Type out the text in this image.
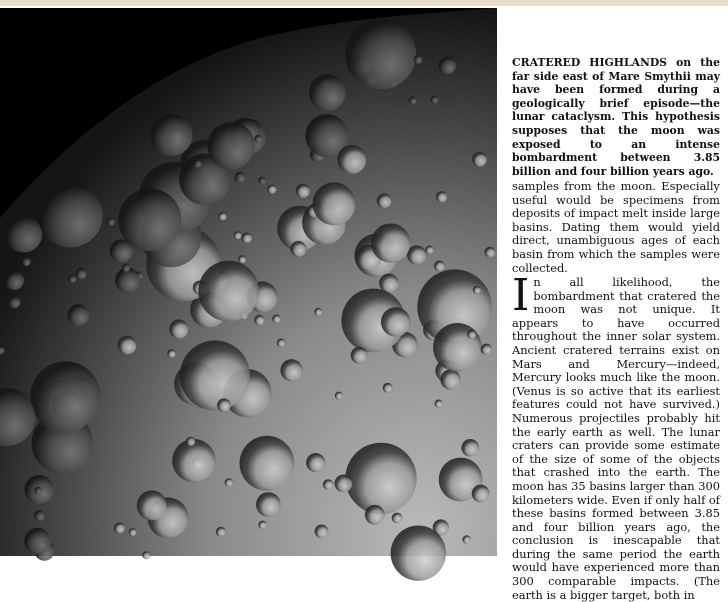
CRATERED HIGHLANDS on the far side east of Mare Smythii may have been formed during a geologically brief episode—the lunar cataclysm. This hypothesis supposes that the moon was exposed to an intense bombardment between 3.85 billion and four billion years ago.
samples from the moon. Especially useful would be specimens from deposits of impact melt inside large basins. Dating them would yield direct, unambiguous ages of each basin from which the samples were collected.
In all likelihood, the bombardment that cratered the moon was not unique. It appears to have occurred throughout the inner solar system. Ancient cratered terrains exist on Mars and Mercury—indeed, Mercury looks much like the moon. (Venus is so active that its earliest features could not have survived.) Numerous projectiles probably hit the early earth as well. The lunar craters can provide some estimate of the size of some of the objects that crashed into the earth. The moon has 35 basins larger than 300 kilometers wide. Even if only half of these basins formed between 3.85 and four billion years ago, the conclusion is inescapable that during the same period the earth would have experienced more than 300 comparable impacts. (The earth is a bigger target, both in
